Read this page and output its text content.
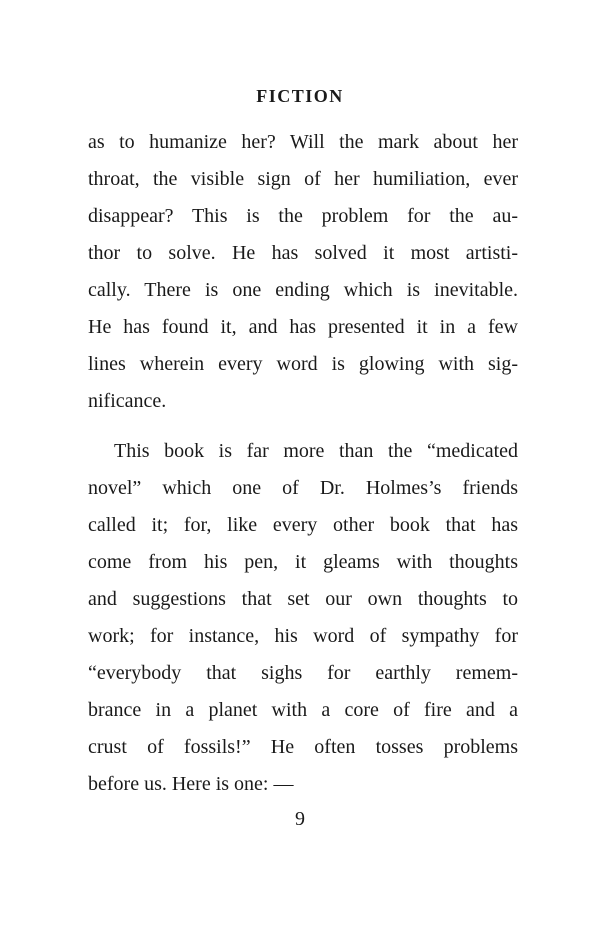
FICTION
as to humanize her? Will the mark about her
throat, the visible sign of her humiliation, ever
disappear? This is the problem for the au-
thor to solve. He has solved it most artisti-
cally. There is one ending which is inevitable.
He has found it, and has presented it in a few
lines wherein every word is glowing with sig-
nificance.
This book is far more than the “medicated
novel” which one of Dr. Holmes’s friends
called it; for, like every other book that has
come from his pen, it gleams with thoughts
and suggestions that set our own thoughts to
work; for instance, his word of sympathy for
“everybody that sighs for earthly remem-
brance in a planet with a core of fire and a
crust of fossils!” He often tosses problems
before us. Here is one: —
9
